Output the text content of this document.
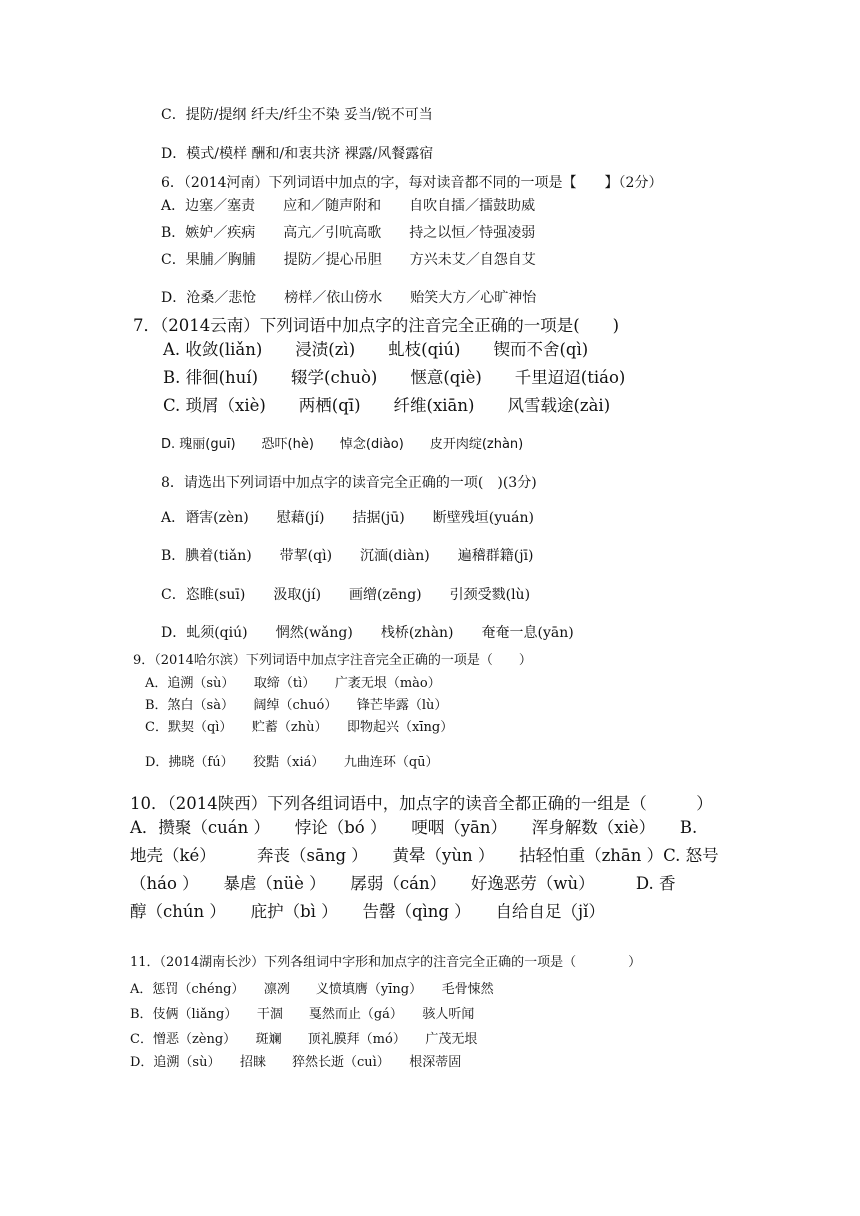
C．提防/提纲 纤夫/纤尘不染 妥当/锐不可当
D．模式/模样 酬和/和衷共济 裸露/风餐露宿
6．（2014河南）下列词语中加点的字，每对读音都不同的一项是【　　】（2分）
A．边塞／塞责　　应和／随声附和　　自吹自擂／擂鼓助威
B．嫉妒／疾病　　高亢／引吭高歌　　持之以恒／恃强凌弱
C．果脯／胸脯　　提防／提心吊胆　　方兴未艾／自怨自艾
D．沧桑／悲怆　　榜样／依山傍水　　贻笑大方／心旷神怡
7．（2014云南）下列词语中加点字的注音完全正确的一项是(　　)
A. 收敛(liǎn)　　浸渍(zì)　　虬枝(qiú)　　锲而不舍(qì)
B. 徘徊(huí)　　辍学(chuò)　　惬意(qiè)　　千里迢迢(tiáo)
C. 琐屑（xiè)　　两栖(qī)　　纤维(xiān)　　风雪载途(zài)
D. 瑰丽(guī)　　恐吓(hè)　　悼念(diào)　　皮开肉绽(zhàn)
8．请选出下列词语中加点字的读音完全正确的一项(　)(3分)
A．谮害(zèn)　　慰藉(jí)　　拮据(jū)　　断壁残垣(yuán)
B．腆着(tiǎn)　　带挈(qì)　　沉湎(diàn)　　遍稽群籍(jī)
C．恣睢(suī)　　汲取(jí)　　画缯(zēng)　　引颈受戮(lù)
D．虬须(qiú)　　惘然(wǎng)　　栈桥(zhàn)　　奄奄一息(yān)
9．（2014哈尔滨）下列词语中加点字注音完全正确的一项是（　　）
A．追溯（sù）　　取缔（tì）　　广袤无垠（mào）
B．煞白（sà）　　阔绰（chuó）　　锋芒毕露（lù）
C．默契（qì）　　贮蓄（zhù）　　即物起兴（xīng）
D．拂晓（fú）　　狡黠（xiá）　　九曲连环（qū）
10．（2014陕西）下列各组词语中，加点字的读音全都正确的一组是（　　　）
A．攒聚（cuán ）　　悖论（bó ）　　哽咽（yān）　　浑身解数（xiè）　　B.
地壳（ké）　　　奔丧（sāng ）　　黄晕（yùn ）　　拈轻怕重（zhān ）C. 怒号
（háo ）　　暴虐（nüè ）　　孱弱（cán）　　好逸恶劳（wù）　　　D. 香
醇（chún ）　　庇护（bì ）　　告罄（qìng ）　　自给自足（jǐ）
11．（2014湖南长沙）下列各组词中字形和加点字的注音完全正确的一项是（　　　　）
A．惩罚（chéng）　　凛冽　　义愤填膺（yīng）　　毛骨悚然
B．伎俩（liǎng）　　干涸　　戛然而止（gá）　　骇人听闻
C．憎恶（zèng）　　斑斓　　顶礼膜拜（mó）　　广茂无垠
D．追溯（sù）　　招睐　　猝然长逝（cuì）　　根深蒂固
